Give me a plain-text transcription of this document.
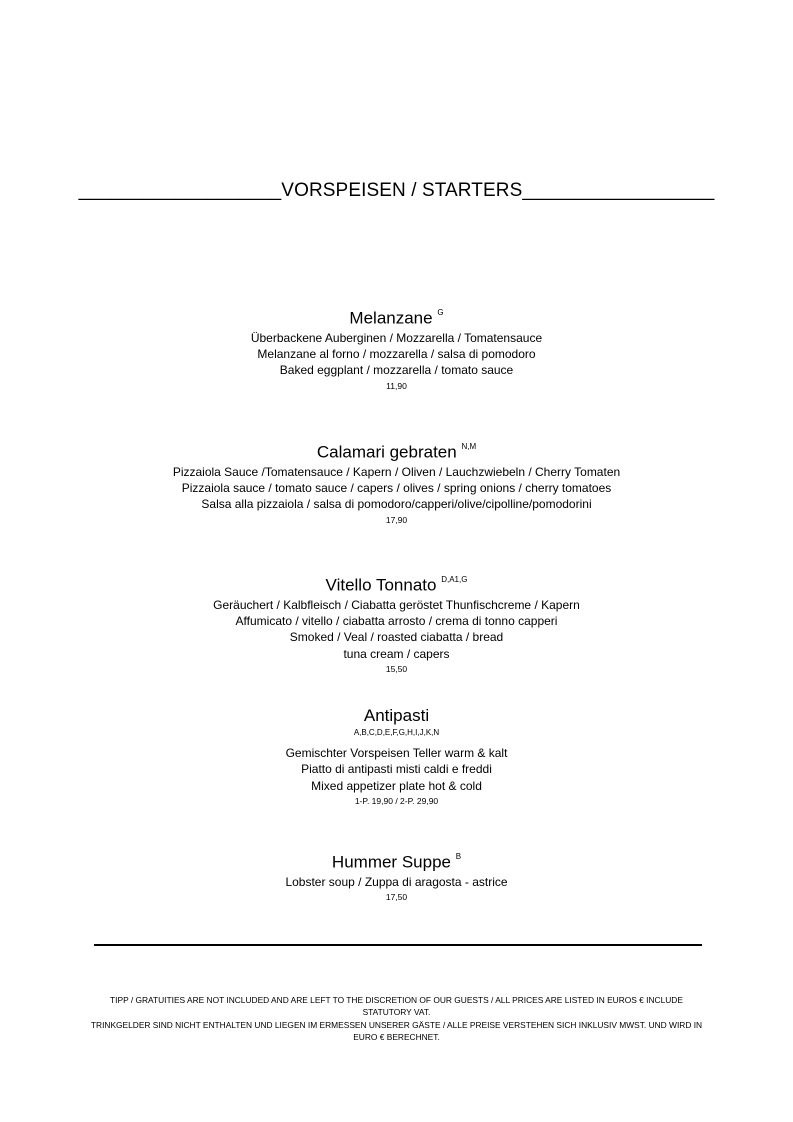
___________________VORSPEISEN / STARTERS__________________
Melanzane $^G$
Überbackene Auberginen / Mozzarella / Tomatensauce
Melanzane al forno / mozzarella / salsa di pomodoro
Baked eggplant / mozzarella / tomato sauce
11,90
Calamari gebraten $^{N,M}$
Pizzaiola Sauce /Tomatensauce / Kapern / Oliven / Lauchzwiebeln / Cherry Tomaten
Pizzaiola sauce / tomato sauce / capers / olives / spring onions / cherry tomatoes
Salsa alla pizzaiola / salsa di pomodoro/capperi/olive/cipolline/pomodorini
17,90
Vitello Tonnato $^{D,A1,G}$
Geräuchert / Kalbfleisch / Ciabatta geröstet Thunfischcreme / Kapern
Affumicato / vitello / ciabatta arrosto / crema di tonno capperi
Smoked / Veal / roasted ciabatta / bread
tuna cream / capers
15,50
Antipasti
A,B,C,D,E,F,G,H,I,J,K,N
Gemischter Vorspeisen Teller warm & kalt
Piatto di antipasti misti caldi e freddi
Mixed appetizer plate hot & cold
1-P. 19,90 / 2-P. 29,90
Hummer Suppe $^B$
Lobster soup / Zuppa di aragosta - astrice
17,50
TIPP / GRATUITIES ARE NOT INCLUDED AND ARE LEFT TO THE DISCRETION OF OUR GUESTS / ALL PRICES ARE LISTED IN EUROS € INCLUDE STATUTORY VAT.
TRINKGELDER SIND NICHT ENTHALTEN UND LIEGEN IM ERMESSEN UNSERER GÄSTE / ALLE PREISE VERSTEHEN SICH INKLUSIV MWST. UND WIRD IN EURO € BERECHNET.
